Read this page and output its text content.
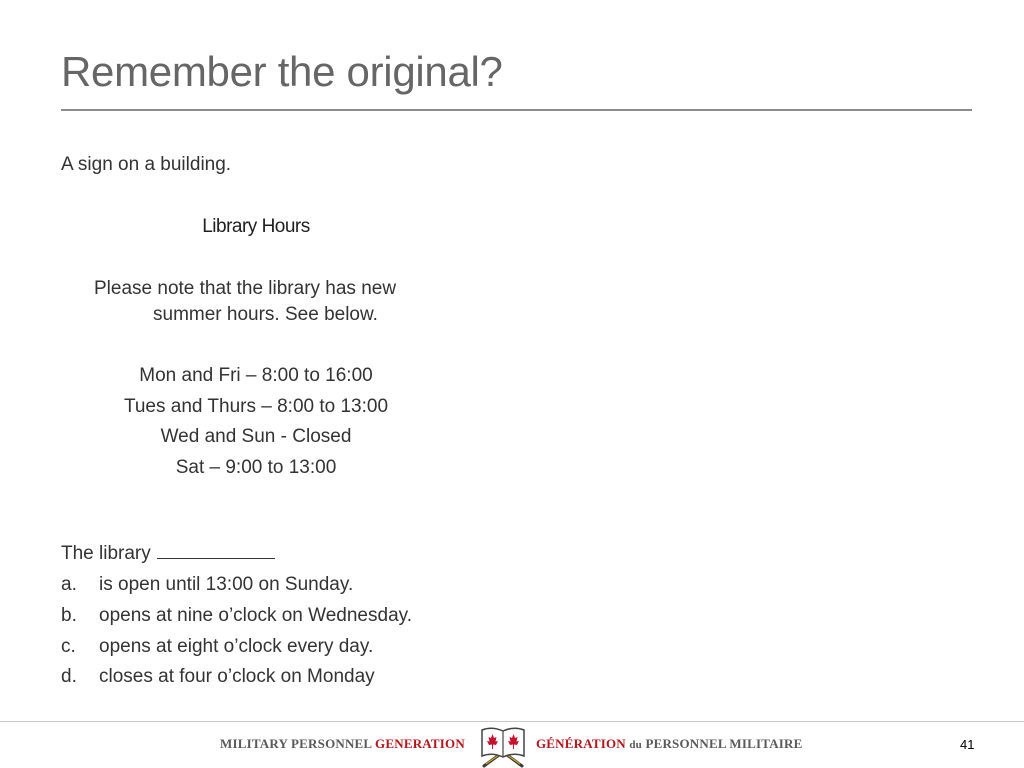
Remember the original?
A sign on a building.
Library Hours
Please note that the library has new
summer hours. See below.
Mon and Fri – 8:00 to 16:00
Tues and Thurs – 8:00 to 13:00
Wed and Sun - Closed
Sat – 9:00 to 13:00
The library
a. is open until 13:00 on Sunday.
b. opens at nine o’clock on Wednesday.
c. opens at eight o’clock every day.
d. closes at four o’clock on Monday
MILITARY PERSONNEL GENERATION	GÉNÉRATION du PERSONNEL MILITAIRE	41
